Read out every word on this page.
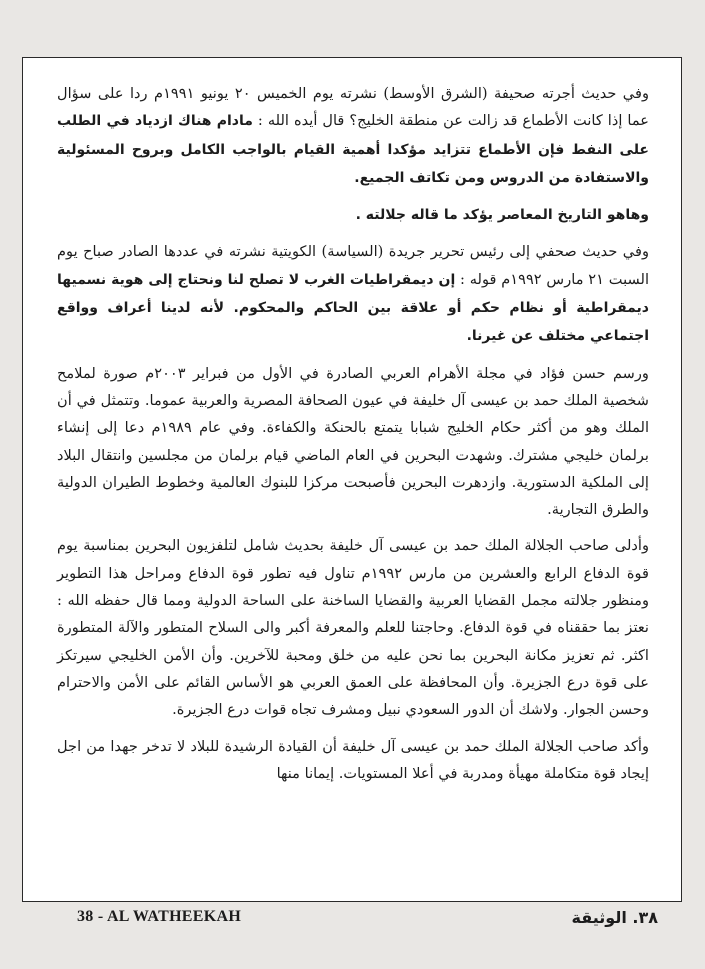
وفي حديث أجرته صحيفة (الشرق الأوسط) نشرته يوم الخميس ٢٠ يونيو ١٩٩١م ردا على سؤال عما إذا كانت الأطماع قد زالت عن منطقة الخليج؟ قال أيده الله : مادام هناك ازدياد في الطلب على النفط فإن الأطماع تتزايد مؤكدا أهمية القيام بالواجب الكامل وبروح المسئولية والاستفادة من الدروس ومن تكاتف الجميع.

وهاهو التاريخ المعاصر يؤكد ما قاله جلالته .

وفي حديث صحفي إلى رئيس تحرير جريدة (السياسة) الكويتية نشرته في عددها الصادر صباح يوم السبت ٢١ مارس ١٩٩٢م قوله : إن ديمقراطيات الغرب لا تصلح لنا ونحتاج إلى هوية نسميها ديمقراطية أو نظام حكم أو علاقة بين الحاكم والمحكوم. لأنه لدينا أعراف وواقع اجتماعي مختلف عن غيرنا.

ورسم حسن فؤاد في مجلة الأهرام العربي الصادرة في الأول من فبراير ٢٠٠٣م صورة لملامح شخصية الملك حمد بن عيسى آل خليفة في عيون الصحافة المصرية والعربية عموما. وتتمثل في أن الملك وهو من أكثر حكام الخليج شبابا يتمتع بالحنكة والكفاءة. وفي عام ١٩٨٩م دعا إلى إنشاء برلمان خليجي مشترك. وشهدت البحرين في العام الماضي قيام برلمان من مجلسين وانتقال البلاد إلى الملكية الدستورية. وازدهرت البحرين فأصبحت مركزا للبنوك العالمية وخطوط الطيران الدولية والطرق التجارية.

وأدلى صاحب الجلالة الملك حمد بن عيسى آل خليفة بحديث شامل لتلفزيون البحرين بمناسبة يوم قوة الدفاع الرابع والعشرين من مارس ١٩٩٢م تناول فيه تطور قوة الدفاع ومراحل هذا التطوير ومنظور جلالته مجمل القضايا العربية والقضايا الساخنة على الساحة الدولية ومما قال حفظه الله : نعتز بما حققناه في قوة الدفاع. وحاجتنا للعلم والمعرفة أكبر والى السلاح المتطور والآلة المتطورة اكثر. ثم تعزيز مكانة البحرين بما نحن عليه من خلق ومحبة للآخرين. وأن الأمن الخليجي سيرتكز على قوة درع الجزيرة. وأن المحافظة على العمق العربي هو الأساس القائم على الأمن والاحترام وحسن الجوار. ولاشك أن الدور السعودي نبيل ومشرف تجاه قوات درع الجزيرة.

وأكد صاحب الجلالة الملك حمد بن عيسى آل خليفة أن القيادة الرشيدة للبلاد لا تدخر جهدا من اجل إيجاد قوة متكاملة مهيأة ومدربة في أعلا المستويات. إيمانا منها

38 - AL WATHEEKAH	٣٨. الوثيقة
